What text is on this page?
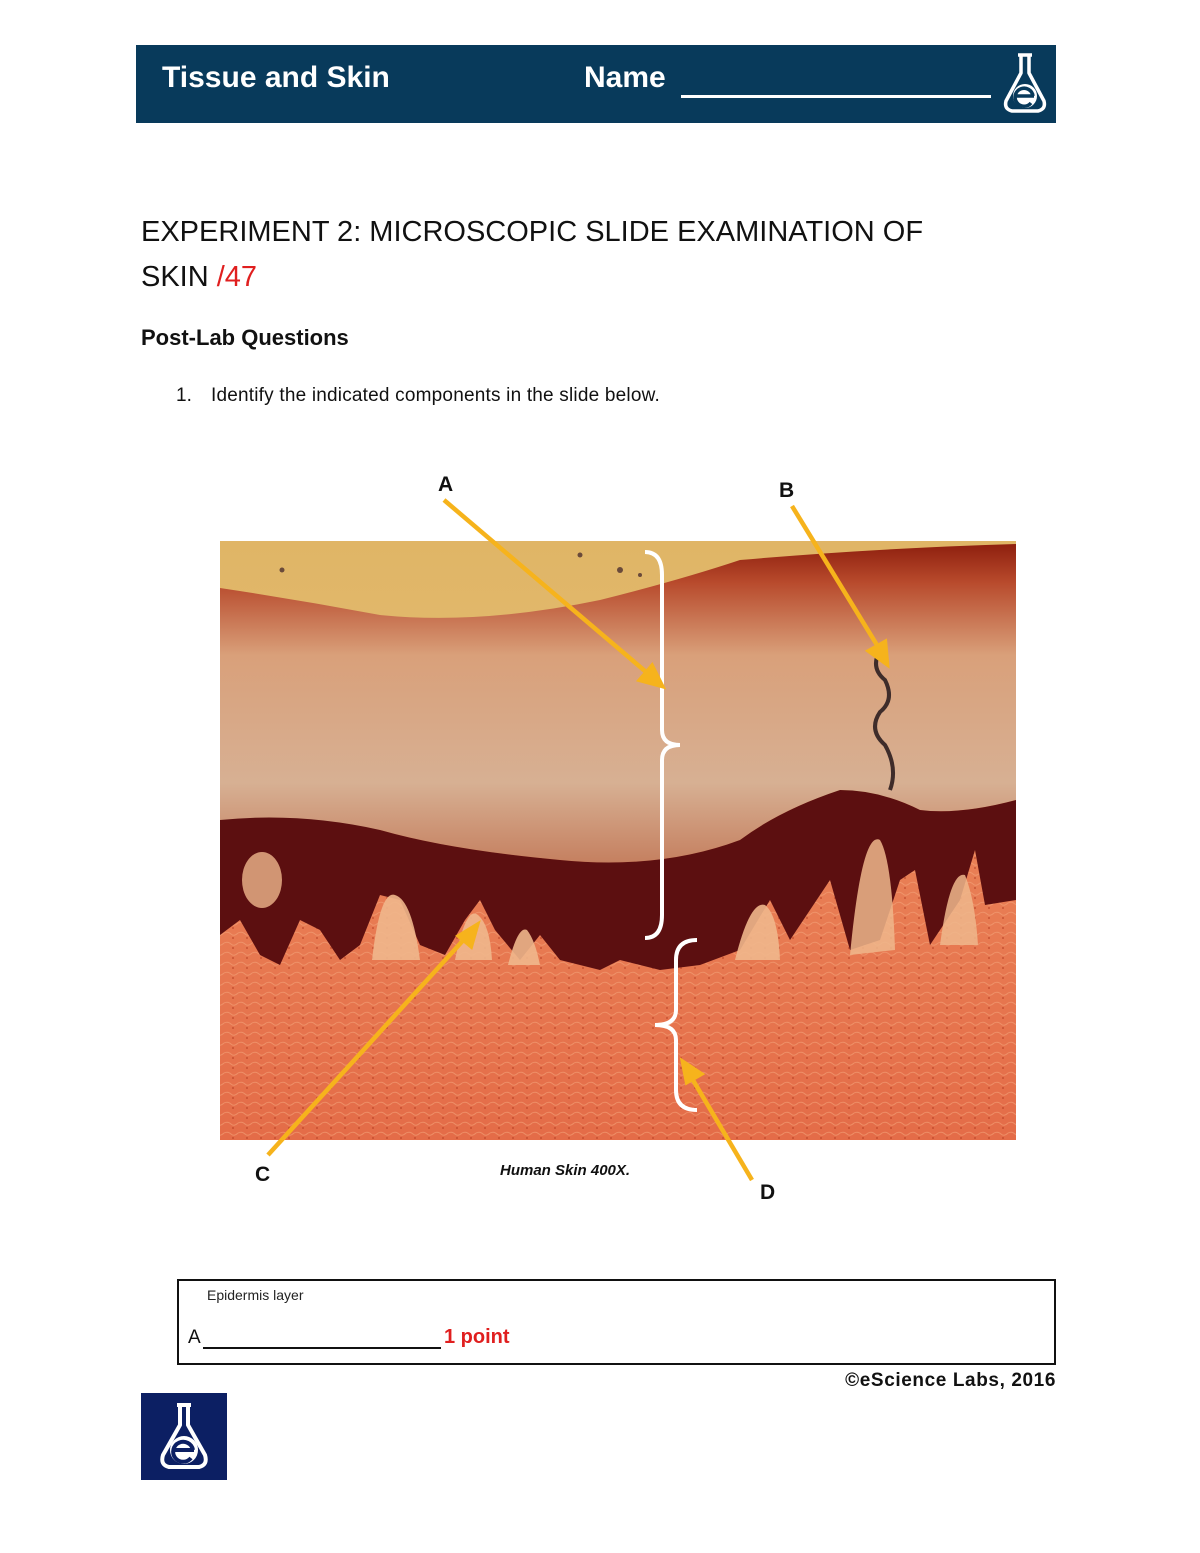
Tissue and Skin	Name
EXPERIMENT 2: MICROSCOPIC SLIDE EXAMINATION OF
SKIN /47
Post-Lab Questions
1. Identify the indicated components in the slide below.
A	B
C
D
Human Skin 400X.
Epidermis layer
A	1 point
©eScience Labs, 2016
